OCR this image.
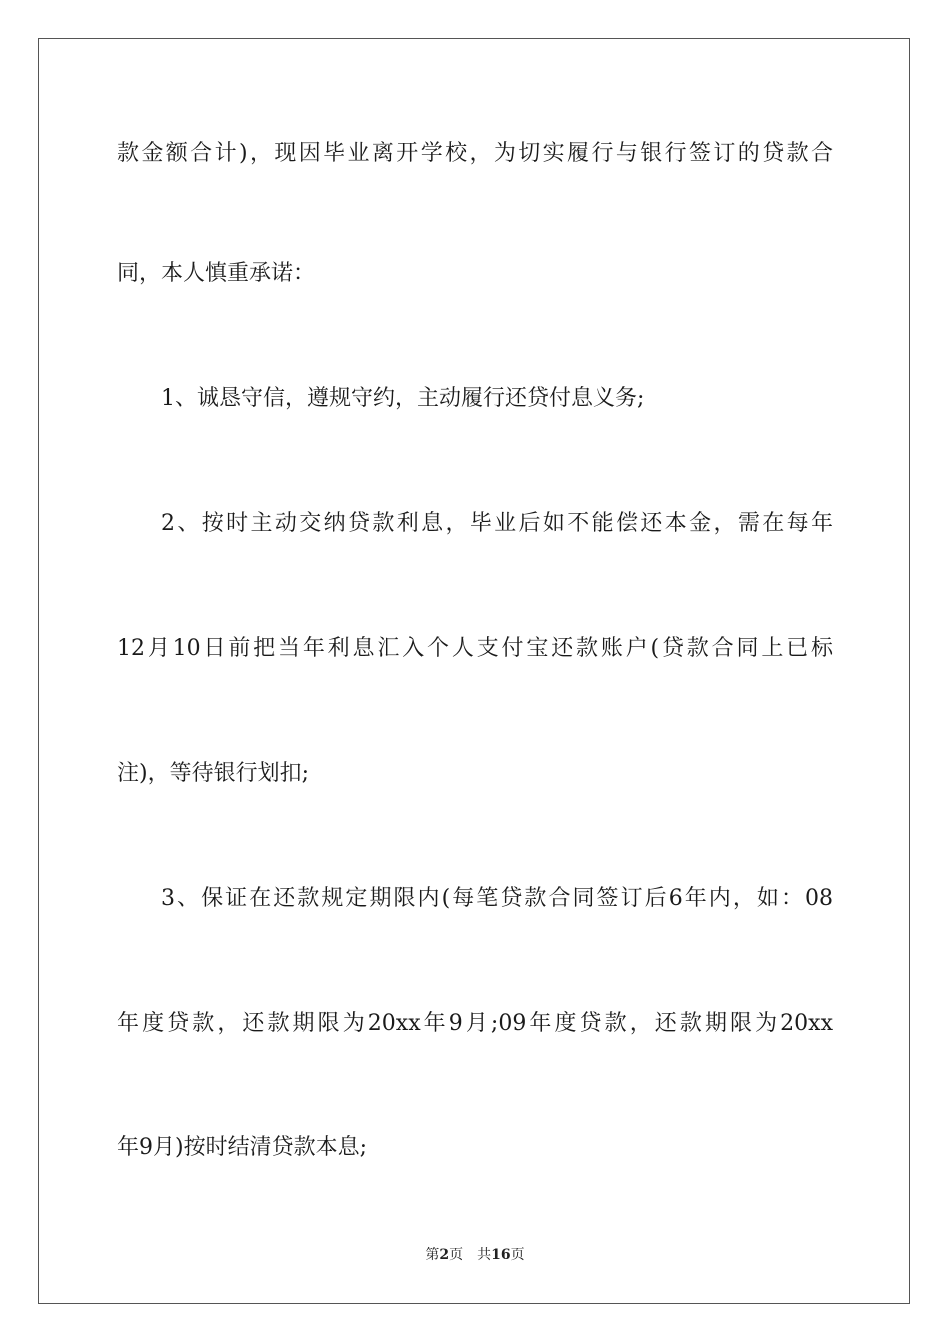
款金额合计)，现因毕业离开学校，为切实履行与银行签订的贷款合
同，本人慎重承诺：
1、诚恳守信，遵规守约，主动履行还贷付息义务;
2、按时主动交纳贷款利息，毕业后如不能偿还本金，需在每年
12月10日前把当年利息汇入个人支付宝还款账户(贷款合同上已标
注)，等待银行划扣;
3、保证在还款规定期限内(每笔贷款合同签订后6年内，如：08
年度贷款，还款期限为20xx年9月;09年度贷款，还款期限为20xx
年9月)按时结清贷款本息;
第2页 共16页
